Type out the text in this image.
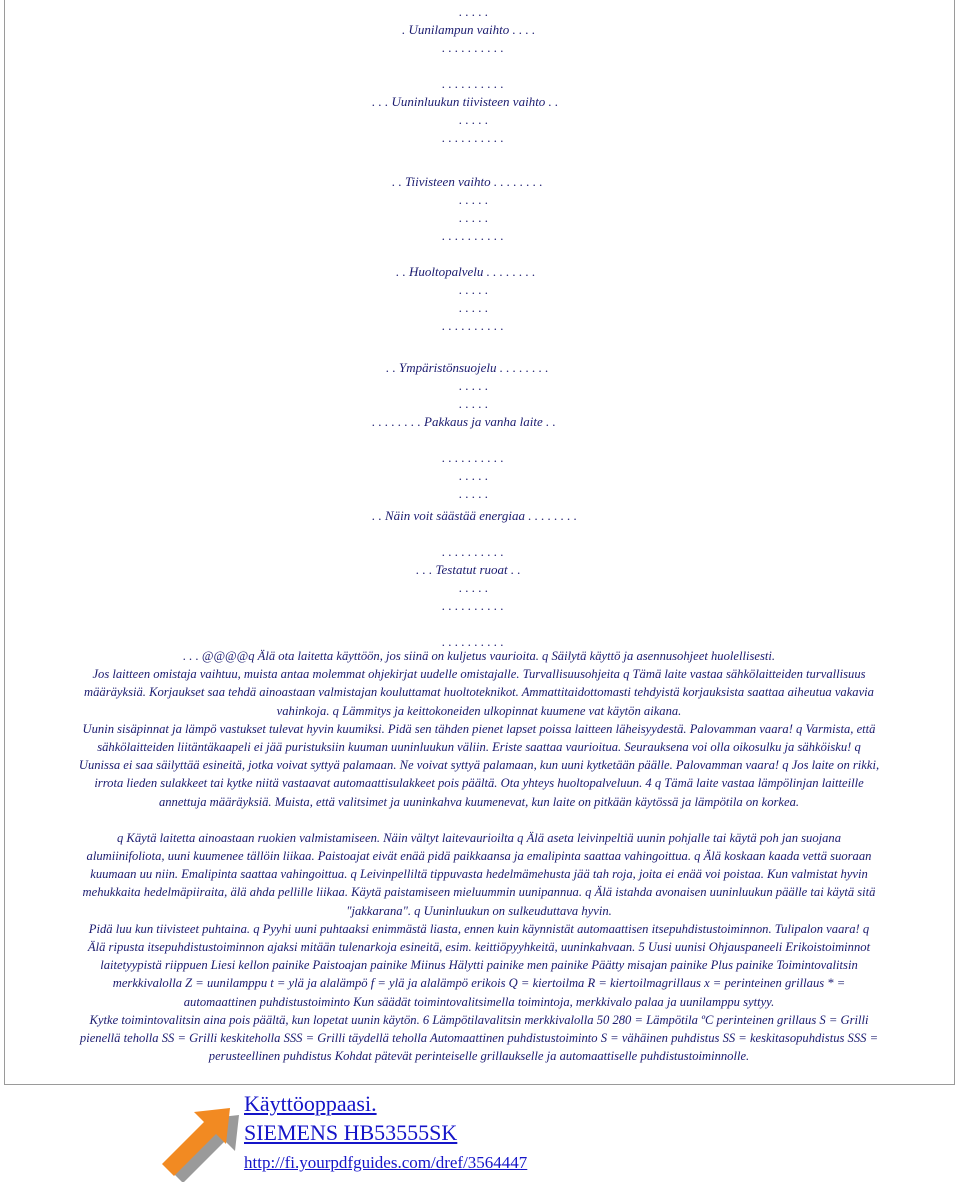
. . . . .
. Uunilampun vaihto . . . .
. . . . . . . . . .
. . . . . . . . . .
. . . Uuninluukun tiivisteen vaihto . .
. . . . .
. . . . . . . . . .
. . Tiivisteen vaihto . . . . . . . .
. . . . .
. . . . .
. . . . . . . . . .
. . Huoltopalvelu . . . . . . . .
. . . . .
. . . . .
. . . . . . . . . .
. . Ympäristönsuojelu . . . . . . . .
. . . . .
. . . . .
. . . . . . . . Pakkaus ja vanha laite . .
. . . . . . . . . .
. . . . .
. . . . .
. . Näin voit säästää energiaa . . . . . . . .
. . . . . . . . . .
. . . Testatut ruoat . .
. . . . .
. . . . . . . . . .
. . . . . . . . . .

. . . @@@@q Älä ota laitetta käyttöön, jos siinä on kuljetus vaurioita. q Säilytä käyttö ja asennusohjeet huolellisesti.

Jos laitteen omistaja vaihtuu, muista antaa molemmat ohjekirjat uudelle omistajalle. Turvallisuusohjeita q Tämä laite vastaa sähkölaitteiden turvallisuus

määräyksiä. Korjaukset saa tehdä ainoastaan valmistajan kouluttamat huoltoteknikot. Ammattitaidottomasti tehdyistä korjauksista saattaa aiheutua vakavia

vahinkoja. q Lämmitys ja keittokoneiden ulkopinnat kuumene vat käytön aikana.

Uunin sisäpinnat ja lämpö vastukset tulevat hyvin kuumiksi. Pidä sen tähden pienet lapset poissa laitteen läheisyydestä. Palovamman vaara! q Varmista, että

sähkölaitteiden liitäntäkaapeli ei jää puristuksiin kuuman uuninluukun väliin. Eriste saattaa vaurioitua. Seurauksena voi olla oikosulku ja sähköisku! q

Uunissa ei saa säilyttää esineitä, jotka voivat syttyä palamaan. Ne voivat syttyä palamaan, kun uuni kytketään päälle. Palovamman vaara! q Jos laite on rikki,

irrota lieden sulakkeet tai kytke niitä vastaavat automaattisulakkeet pois päältä. Ota yhteys huoltopalveluun. 4 q Tämä laite vastaa lämpölinjan laitteille

annettuja määräyksiä. Muista, että valitsimet ja uuninkahva kuumenevat, kun laite on pitkään käytössä ja lämpötila on korkea.

q Käytä laitetta ainoastaan ruokien valmistamiseen. Näin vältyt laitevaurioilta q Älä aseta leivinpeltiä uunin pohjalle tai käytä poh jan suojana

alumiinifoliota, uuni kuumenee tällöin liikaa. Paistoajat eivät enää pidä paikkaansa ja emalipinta saattaa vahingoittua. q Älä koskaan kaada vettä suoraan

kuumaan uu niin. Emalipinta saattaa vahingoittua. q Leivinpelliltä tippuvasta hedelmämehusta jää tah roja, joita ei enää voi poistaa. Kun valmistat hyvin

mehukkaita hedelmäpiiraita, älä ahda pellille liikaa. Käytä paistamiseen mieluummin uunipannua. q Älä istahda avonaisen uuninluukun päälle tai käytä sitä

"jakkarana". q Uuninluukun on sulkeuduttava hyvin.

Pidä luu kun tiivisteet puhtaina. q Pyyhi uuni puhtaaksi enimmästä liasta, ennen kuin käynnistät automaattisen itsepuhdistustoiminnon. Tulipalon vaara! q

Älä ripusta itsepuhdistustoiminnon ajaksi mitään tulenarkoja esineitä, esim. keittiöpyyhkeitä, uuninkahvaan. 5 Uusi uunisi Ohjauspaneeli Erikoistoiminnot

laitetyypistä riippuen Liesi kellon painike Paistoajan painike Miinus Hälytti painike men painike Päätty misajan painike Plus painike Toimintovalitsin

merkkivalolla Z = uunilamppu t = ylä ja alalämpö f = ylä ja alalämpö erikois Q = kiertoilma R = kiertoilmagrillaus x = perinteinen grillaus * =

automaattinen puhdistustoiminto Kun säädät toimintovalitsimella toimintoja, merkkivalo palaa ja uunilamppu syttyy.

Kytke toimintovalitsin aina pois päältä, kun lopetat uunin käytön. 6 Lämpötilavalitsin merkkivalolla 50 280 = Lämpötila ºC perinteinen grillaus S = Grilli

pienellä teholla SS = Grilli keskiteholla SSS = Grilli täydellä teholla Automaattinen puhdistustoiminto S = vähäinen puhdistus SS = keskitasopuhdistus SSS =

perusteellinen puhdistus Kohdat pätevät perinteiselle grillaukselle ja automaattiselle puhdistustoiminnolle.

Käyttöoppaasi.
SIEMENS HB53555SK
http://fi.yourpdfguides.com/dref/3564447
